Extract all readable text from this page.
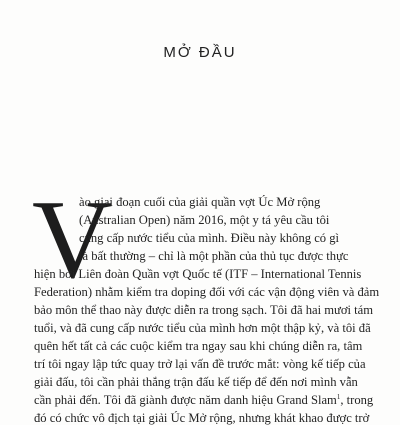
MỞ ĐẦU
V
ào giai đoạn cuối của giải quần vợt Úc Mở rộng
(Australian Open) năm 2016, một y tá yêu cầu tôi
cung cấp nước tiểu của mình. Điều này không có gì
là bất thường – chỉ là một phần của thủ tục được thực
hiện bởi Liên đoàn Quần vợt Quốc tế (ITF – International Tennis
Federation) nhằm kiểm tra doping đối với các vận động viên và đảm
bảo môn thể thao này được diễn ra trong sạch. Tôi đã hai mươi tám
tuổi, và đã cung cấp nước tiểu của mình hơn một thập kỷ, và tôi đã
quên hết tất cả các cuộc kiểm tra ngay sau khi chúng diễn ra, tâm
trí tôi ngay lập tức quay trở lại vấn đề trước mắt: vòng kế tiếp của
giải đấu, tôi cần phải thắng trận đấu kế tiếp để đến nơi mình vẫn
cần phải đến. Tôi đã giành được năm danh hiệu Grand Slam$^1$, trong
đó có chức vô địch tại giải Úc Mở rộng, nhưng khát khao được trở
